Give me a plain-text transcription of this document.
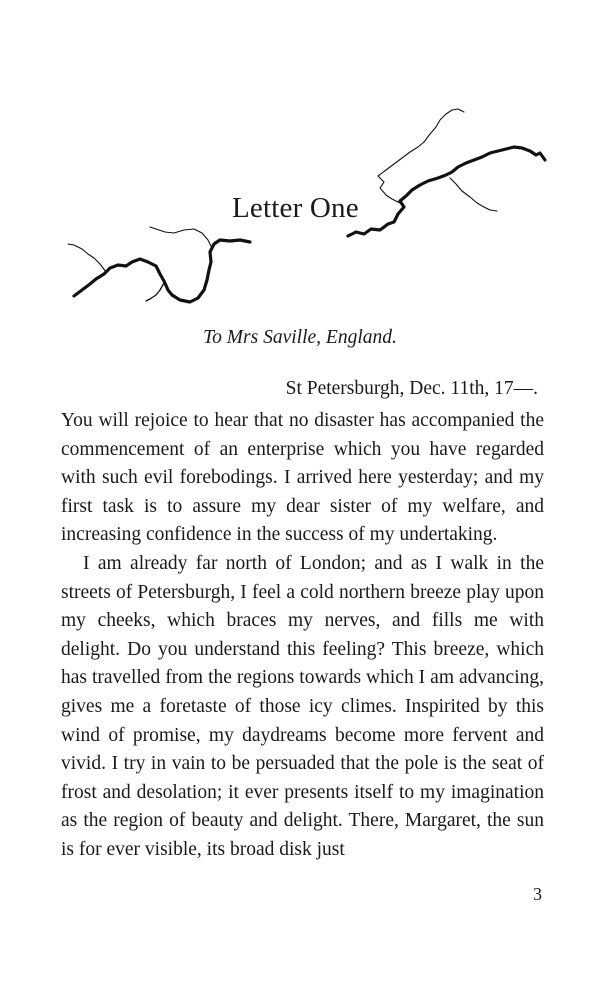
Letter One
To Mrs Saville, England.
St Petersburgh, Dec. 11th, 17—.

You will rejoice to hear that no disaster has accompanied the commencement of an enterprise which you have regarded with such evil forebodings. I arrived here yesterday; and my first task is to assure my dear sister of my welfare, and increasing confidence in the success of my undertaking.

I am already far north of London; and as I walk in the streets of Petersburgh, I feel a cold northern breeze play upon my cheeks, which braces my nerves, and fills me with delight. Do you understand this feeling? This breeze, which has travelled from the regions towards which I am advancing, gives me a foretaste of those icy climes. Inspirited by this wind of promise, my daydreams become more fervent and vivid. I try in vain to be persuaded that the pole is the seat of frost and desolation; it ever presents itself to my imagination as the region of beauty and delight. There, Margaret, the sun is for ever visible, its broad disk just

3
